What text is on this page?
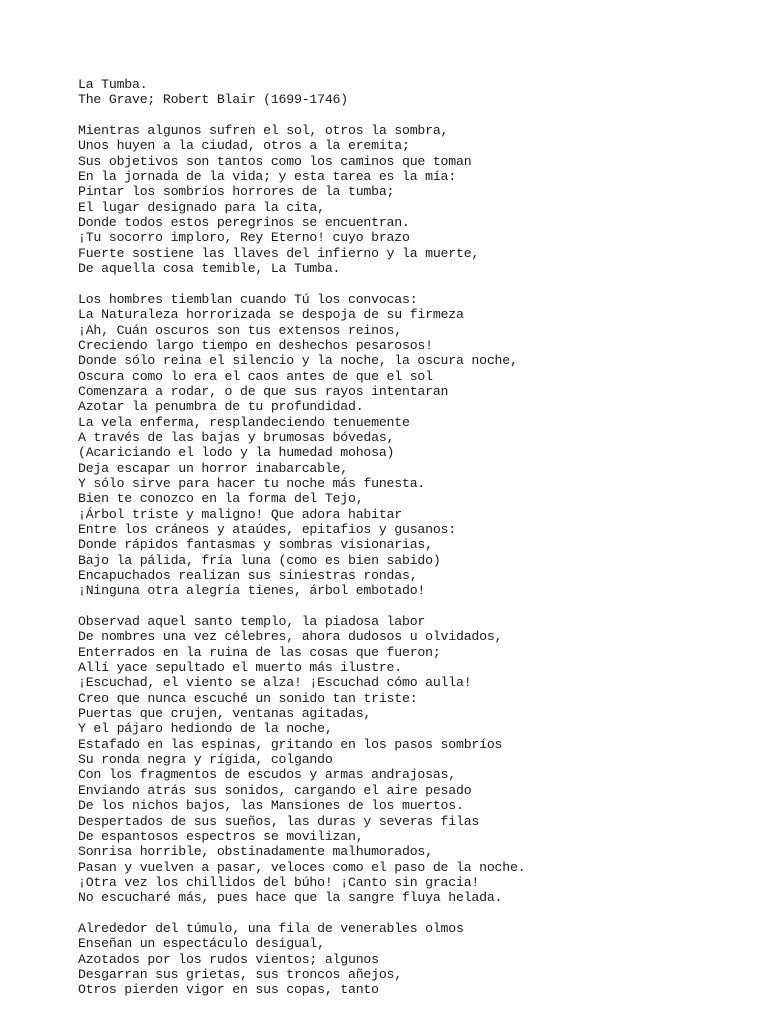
La Tumba.
The Grave; Robert Blair (1699-1746)
Mientras algunos sufren el sol, otros la sombra,
Unos huyen a la ciudad, otros a la eremita;
Sus objetivos son tantos como los caminos que toman
En la jornada de la vida; y esta tarea es la mía:
Pintar los sombríos horrores de la tumba;
El lugar designado para la cita,
Donde todos estos peregrinos se encuentran.
¡Tu socorro imploro, Rey Eterno! cuyo brazo
Fuerte sostiene las llaves del infierno y la muerte,
De aquella cosa temible, La Tumba.
Los hombres tiemblan cuando Tú los convocas:
La Naturaleza horrorizada se despoja de su firmeza
¡Ah, Cuán oscuros son tus extensos reinos,
Creciendo largo tiempo en deshechos pesarosos!
Donde sólo reina el silencio y la noche, la oscura noche,
Oscura como lo era el caos antes de que el sol
Comenzara a rodar, o de que sus rayos intentaran
Azotar la penumbra de tu profundidad.
La vela enferma, resplandeciendo tenuemente
A través de las bajas y brumosas bóvedas,
(Acariciando el lodo y la humedad mohosa)
Deja escapar un horror inabarcable,
Y sólo sirve para hacer tu noche más funesta.
Bien te conozco en la forma del Tejo,
¡Árbol triste y maligno! Que adora habitar
Entre los cráneos y ataúdes, epitafios y gusanos:
Donde rápidos fantasmas y sombras visionarias,
Bajo la pálida, fría luna (como es bien sabido)
Encapuchados realizan sus siniestras rondas,
¡Ninguna otra alegría tienes, árbol embotado!
Observad aquel santo templo, la piadosa labor
De nombres una vez célebres, ahora dudosos u olvidados,
Enterrados en la ruina de las cosas que fueron;
Allí yace sepultado el muerto más ilustre.
¡Escuchad, el viento se alza! ¡Escuchad cómo aulla!
Creo que nunca escuché un sonido tan triste:
Puertas que crujen, ventanas agitadas,
Y el pájaro hediondo de la noche,
Estafado en las espinas, gritando en los pasos sombríos
Su ronda negra y rígida, colgando
Con los fragmentos de escudos y armas andrajosas,
Enviando atrás sus sonidos, cargando el aire pesado
De los nichos bajos, las Mansiones de los muertos.
Despertados de sus sueños, las duras y severas filas
De espantosos espectros se movilizan,
Sonrisa horrible, obstinadamente malhumorados,
Pasan y vuelven a pasar, veloces como el paso de la noche.
¡Otra vez los chillidos del búho! ¡Canto sin gracia!
No escucharé más, pues hace que la sangre fluya helada.
Alrededor del túmulo, una fila de venerables olmos
Enseñan un espectáculo desigual,
Azotados por los rudos vientos; algunos
Desgarran sus grietas, sus troncos añejos,
Otros pierden vigor en sus copas, tanto
